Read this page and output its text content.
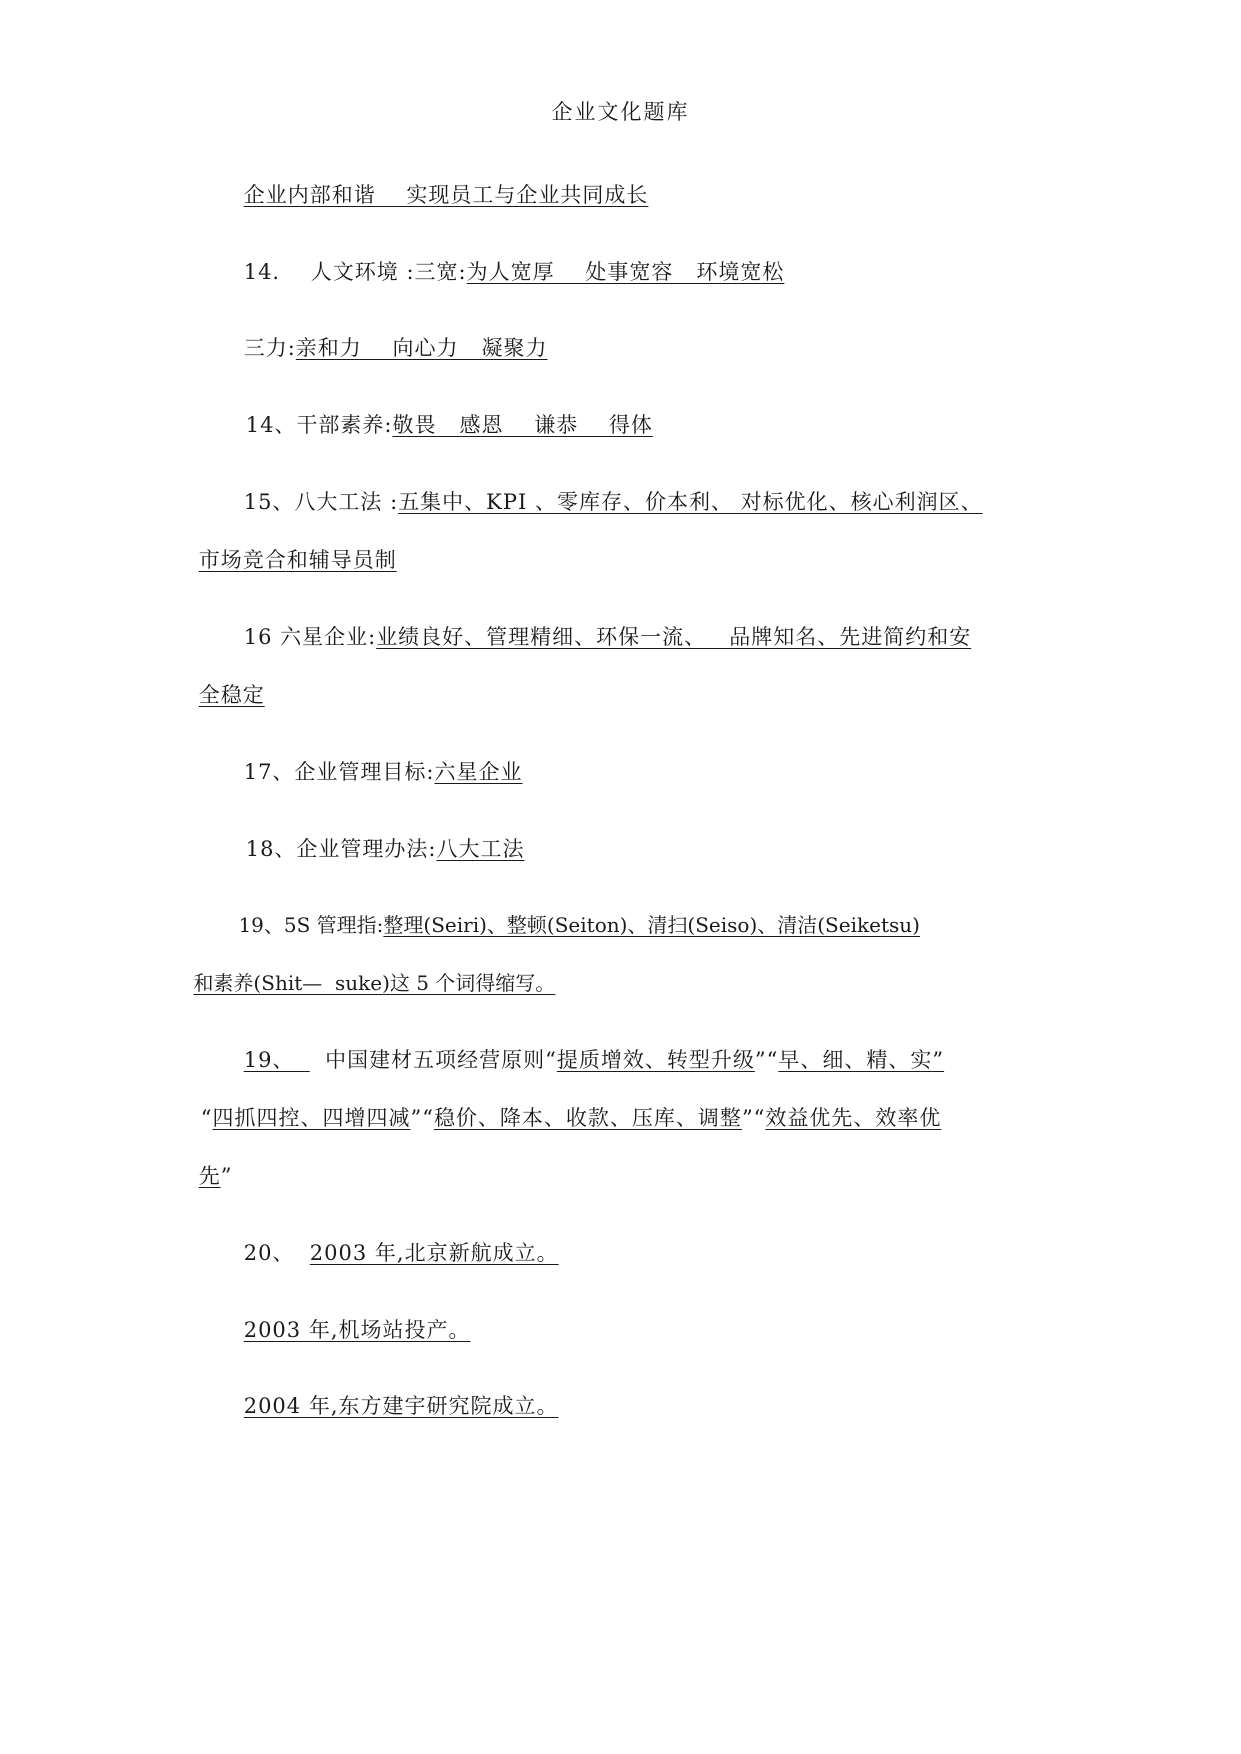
企业文化题库

企业内部和谐    实现员工与企业共同成长

14.    人文环境 :三宽:为人宽厚    处事宽容   环境宽松

三力:亲和力    向心力   凝聚力

14、干部素养:敬畏   感恩    谦恭    得体

15、八大工法 :五集中、KPI 、零库存、价本利、 对标优化、核心利润区、

市场竞合和辅导员制

16 六星企业:业绩良好、管理精细、环保一流、   品牌知名、先进简约和安

全稳定

17、企业管理目标:六星企业

18、企业管理办法:八大工法

19、5S 管理指:整理(Seiri)、整顿(Seiton)、清扫(Seiso)、清洁(Seiketsu)

和素养(Shit—  suke)这 5 个词得缩写。

19、    中国建材五项经营原则“提质增效、转型升级”“早、细、精、实”

“四抓四控、四增四减”“稳价、降本、收款、压库、调整”“效益优先、效率优

先”

20、  2003 年,北京新航成立。

2003 年,机场站投产。

2004 年,东方建宇研究院成立。
